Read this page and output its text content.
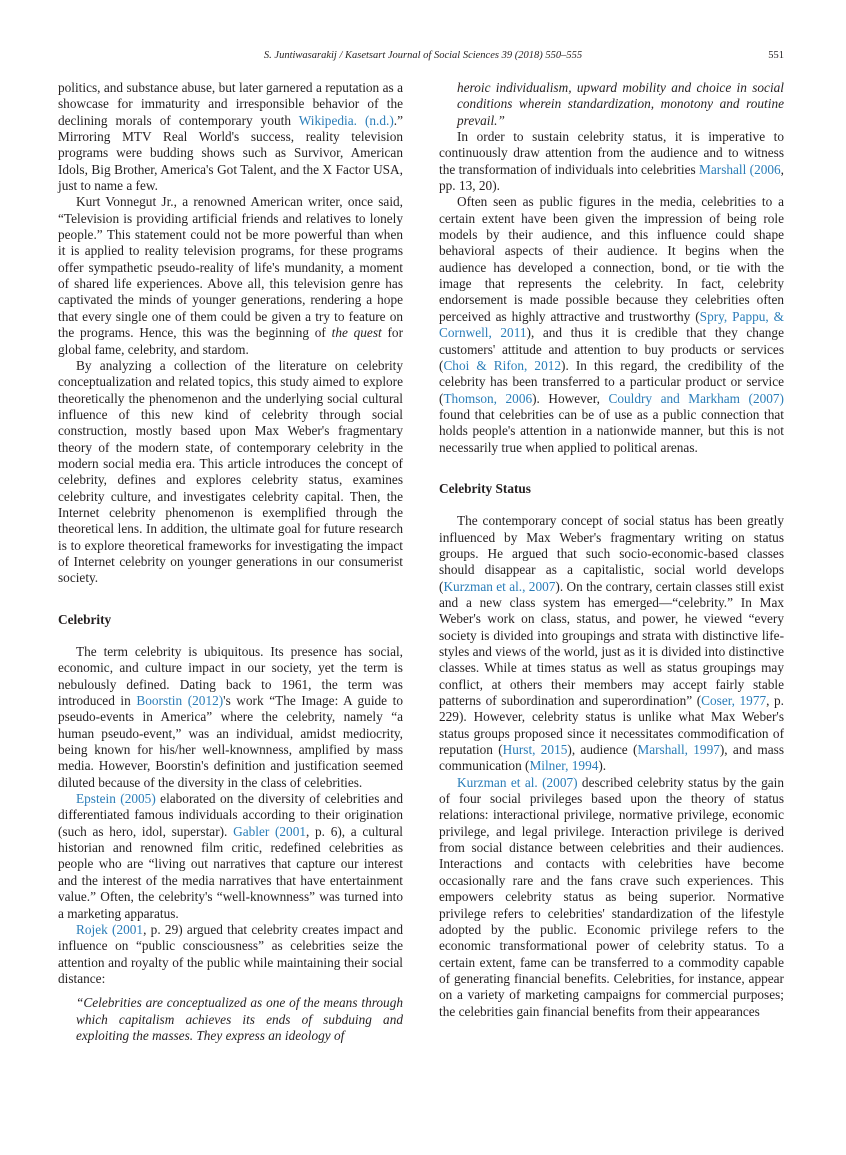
S. Juntiwasarakij / Kasetsart Journal of Social Sciences 39 (2018) 550–555	551

politics, and substance abuse, but later garnered a reputation as a showcase for immaturity and irresponsible behavior of the declining morals of contemporary youth Wikipedia. (n.d.).” Mirroring MTV Real World's success, reality television programs were budding shows such as Survivor, American Idols, Big Brother, America's Got Talent, and the X Factor USA, just to name a few.

Kurt Vonnegut Jr., a renowned American writer, once said, “Television is providing artificial friends and relatives to lonely people.” This statement could not be more powerful than when it is applied to reality television programs, for these programs offer sympathetic pseudo-reality of life's mundanity, a moment of shared life experiences. Above all, this television genre has captivated the minds of younger generations, rendering a hope that every single one of them could be given a try to feature on the programs. Hence, this was the beginning of the quest for global fame, celebrity, and stardom.

By analyzing a collection of the literature on celebrity conceptualization and related topics, this study aimed to explore theoretically the phenomenon and the underlying social cultural influence of this new kind of celebrity through social construction, mostly based upon Max Weber's fragmentary theory of the modern state, of contemporary celebrity in the modern social media era. This article introduces the concept of celebrity, defines and explores celebrity status, examines celebrity culture, and investigates celebrity capital. Then, the Internet celebrity phenomenon is exemplified through the theoretical lens. In addition, the ultimate goal for future research is to explore theoretical frameworks for investigating the impact of Internet celebrity on younger generations in our consumerist society.

Celebrity

The term celebrity is ubiquitous. Its presence has social, economic, and culture impact in our society, yet the term is nebulously defined. Dating back to 1961, the term was introduced in Boorstin (2012)'s work “The Image: A guide to pseudo-events in America” where the celebrity, namely “a human pseudo-event,” was an individual, amidst mediocrity, being known for his/her well-knownness, amplified by mass media. However, Boorstin's definition and justification seemed diluted because of the diversity in the class of celebrities.

Epstein (2005) elaborated on the diversity of celebrities and differentiated famous individuals according to their origination (such as hero, idol, superstar). Gabler (2001, p. 6), a cultural historian and renowned film critic, redefined celebrities as people who are “living out narratives that capture our interest and the interest of the media narratives that have entertainment value.” Often, the celebrity's “well-knownness” was turned into a marketing apparatus.

Rojek (2001, p. 29) argued that celebrity creates impact and influence on “public consciousness” as celebrities seize the attention and royalty of the public while maintaining their social distance:

“Celebrities are conceptualized as one of the means through which capitalism achieves its ends of subduing and exploiting the masses. They express an ideology of

heroic individualism, upward mobility and choice in social conditions wherein standardization, monotony and routine prevail.”

In order to sustain celebrity status, it is imperative to continuously draw attention from the audience and to witness the transformation of individuals into celebrities Marshall (2006, pp. 13, 20).

Often seen as public figures in the media, celebrities to a certain extent have been given the impression of being role models by their audience, and this influence could shape behavioral aspects of their audience. It begins when the audience has developed a connection, bond, or tie with the image that represents the celebrity. In fact, celebrity endorsement is made possible because they celebrities often perceived as highly attractive and trustworthy (Spry, Pappu, & Cornwell, 2011), and thus it is credible that they change customers' attitude and attention to buy products or services (Choi & Rifon, 2012). In this regard, the credibility of the celebrity has been transferred to a particular product or service (Thomson, 2006). However, Couldry and Markham (2007) found that celebrities can be of use as a public connection that holds people's attention in a nationwide manner, but this is not necessarily true when applied to political arenas.

Celebrity Status

The contemporary concept of social status has been greatly influenced by Max Weber's fragmentary writing on status groups. He argued that such socio-economic-based classes should disappear as a capitalistic, social world develops (Kurzman et al., 2007). On the contrary, certain classes still exist and a new class system has emerged—“celebrity.” In Max Weber's work on class, status, and power, he viewed “every society is divided into groupings and strata with distinctive life-styles and views of the world, just as it is divided into distinctive classes. While at times status as well as status groupings may conflict, at others their members may accept fairly stable patterns of subordination and superordination” (Coser, 1977, p. 229). However, celebrity status is unlike what Max Weber's status groups proposed since it necessitates commodification of reputation (Hurst, 2015), audience (Marshall, 1997), and mass communication (Milner, 1994).

Kurzman et al. (2007) described celebrity status by the gain of four social privileges based upon the theory of status relations: interactional privilege, normative privilege, economic privilege, and legal privilege. Interaction privilege is derived from social distance between celebrities and their audiences. Interactions and contacts with celebrities have become occasionally rare and the fans crave such experiences. This empowers celebrity status as being superior. Normative privilege refers to celebrities' standardization of the lifestyle adopted by the public. Economic privilege refers to the economic transformational power of celebrity status. To a certain extent, fame can be transferred to a commodity capable of generating financial benefits. Celebrities, for instance, appear on a variety of marketing campaigns for commercial purposes; the celebrities gain financial benefits from their appearances
